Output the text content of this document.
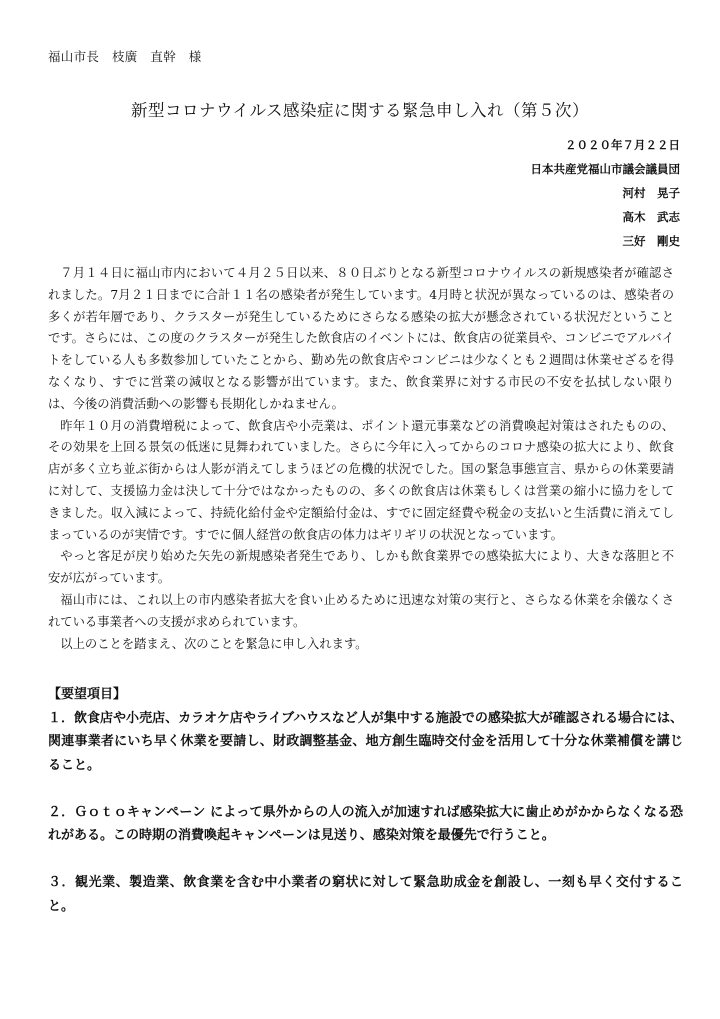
福山市長　枝廣　直幹　様
新型コロナウイルス感染症に関する緊急申し入れ（第５次）
２０２０年７月２２日
日本共産党福山市議会議員団
河村　晃子
高木　武志
三好　剛史

７月１４日に福山市内において４月２５日以来、８０日ぶりとなる新型コロナウイルスの新規感染者が確認されました。7月２１日までに合計１１名の感染者が発生しています。4月時と状況が異なっているのは、感染者の多くが若年層であり、クラスターが発生しているためにさらなる感染の拡大が懸念されている状況だということです。さらには、この度のクラスターが発生した飲食店のイベントには、飲食店の従業員や、コンビニでアルバイトをしている人も多数参加していたことから、勤め先の飲食店やコンビニは少なくとも２週間は休業せざるを得なくなり、すでに営業の減収となる影響が出ています。また、飲食業界に対する市民の不安を払拭しない限りは、今後の消費活動への影響も長期化しかねません。

昨年１０月の消費増税によって、飲食店や小売業は、ポイント還元事業などの消費喚起対策はされたものの、その効果を上回る景気の低迷に見舞われていました。さらに今年に入ってからのコロナ感染の拡大により、飲食店が多く立ち並ぶ街からは人影が消えてしまうほどの危機的状況でした。国の緊急事態宣言、県からの休業要請に対して、支援協力金は決して十分ではなかったものの、多くの飲食店は休業もしくは営業の縮小に協力をしてきました。収入減によって、持続化給付金や定額給付金は、すでに固定経費や税金の支払いと生活費に消えてしまっているのが実情です。すでに個人経営の飲食店の体力はギリギリの状況となっています。

やっと客足が戻り始めた矢先の新規感染者発生であり、しかも飲食業界での感染拡大により、大きな落胆と不安が広がっています。

福山市には、これ以上の市内感染者拡大を食い止めるために迅速な対策の実行と、さらなる休業を余儀なくされている事業者への支援が求められています。

以上のことを踏まえ、次のことを緊急に申し入れます。

【要望項目】
１．飲食店や小売店、カラオケ店やライブハウスなど人が集中する施設での感染拡大が確認される場合には、関連事業者にいち早く休業を要請し、財政調整基金、地方創生臨時交付金を活用して十分な休業補償を講じること。
２．Ｇｏｔｏキャンペーン によって県外からの人の流入が加速すれば感染拡大に歯止めがかからなくなる恐れがある。この時期の消費喚起キャンペーンは見送り、感染対策を最優先で行うこと。
３．観光業、製造業、飲食業を含む中小業者の窮状に対して緊急助成金を創設し、一刻も早く交付すること。
